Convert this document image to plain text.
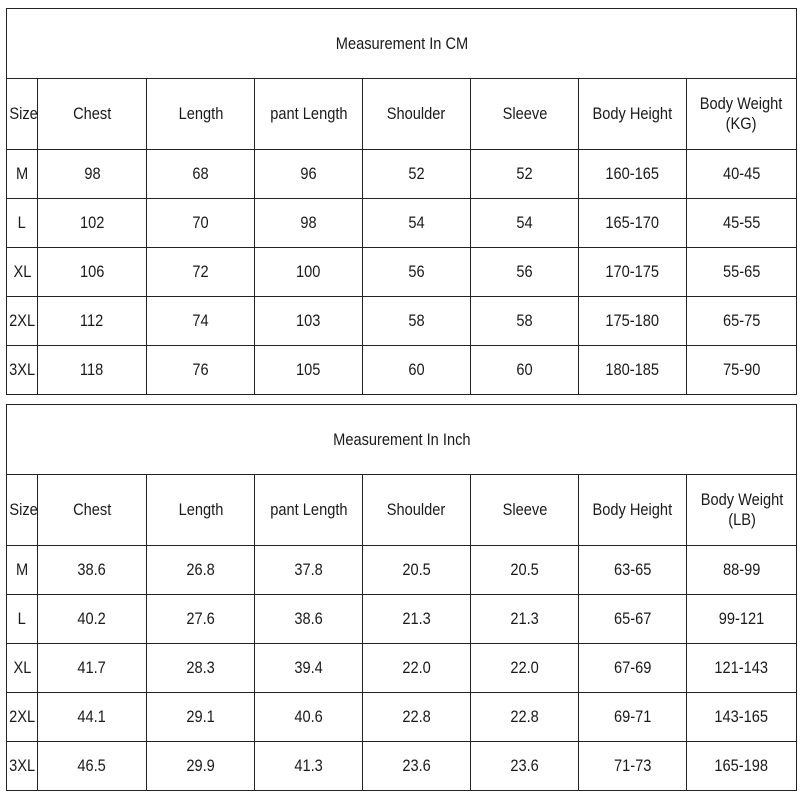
Measurement In CM							
Size	Chest	Length	pant Length	Shoulder	Sleeve	Body Height	Body Weight
(KG)
M	98	68	96	52	52	160-165	40-45
L	102	70	98	54	54	165-170	45-55
XL	106	72	100	56	56	170-175	55-65
2XL	112	74	103	58	58	175-180	65-75
3XL	118	76	105	60	60	180-185	75-90
Measurement In Inch							
Size	Chest	Length	pant Length	Shoulder	Sleeve	Body Height	Body Weight
(LB)
M	38.6	26.8	37.8	20.5	20.5	63-65	88-99
L	40.2	27.6	38.6	21.3	21.3	65-67	99-121
XL	41.7	28.3	39.4	22.0	22.0	67-69	121-143
2XL	44.1	29.1	40.6	22.8	22.8	69-71	143-165
3XL	46.5	29.9	41.3	23.6	23.6	71-73	165-198
